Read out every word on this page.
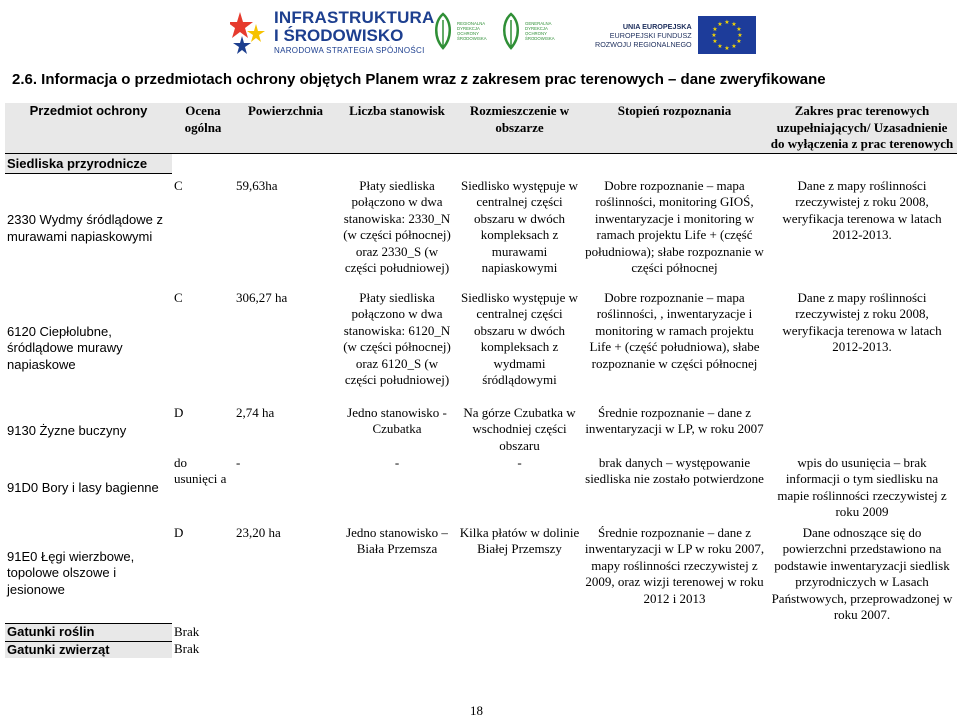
INFRASTRUKTURA
I ŚRODOWISKO
NARODOWA STRATEGIA SPÓJNOŚCI
REGIONALNA DYREKCJA OCHRONY ŚRODOWISKA
GENERALNA DYREKCJA OCHRONY ŚRODOWISKA
UNIA EUROPEJSKA
EUROPEJSKI FUNDUSZ
ROZWOJU REGIONALNEGO
★ ★
★
★
★
★
★
★
★
★
★
★
2.6. Informacja o przedmiotach ochrony objętych Planem wraz z zakresem prac terenowych – dane zweryfikowane
Przedmiot ochrony	Ocena ogólna	Powierzchnia	Liczba stanowisk	Rozmieszczenie w obszarze	Stopień rozpoznania	Zakres prac terenowych uzupełniających/ Uzasadnienie do wyłączenia z prac terenowych
Siedliska przyrodnicze						
2330 Wydmy śródlądowe z murawami napiaskowymi	C	59,63ha	Płaty siedliska połączono w dwa stanowiska: 2330_N (w części północnej) oraz 2330_S (w części południowej)	Siedlisko występuje w centralnej części obszaru w dwóch kompleksach z murawami napiaskowymi	Dobre rozpoznanie – mapa roślinności, monitoring GIOŚ, inwentaryzacje i monitoring w ramach projektu Life + (część południowa); słabe rozpoznanie w części północnej	Dane z mapy roślinności rzeczywistej z roku 2008, weryfikacja terenowa w latach 2012-2013.
6120 Ciepłolubne, śródlądowe murawy napiaskowe	C	306,27 ha	Płaty siedliska połączono w dwa stanowiska: 6120_N (w części północnej) oraz 6120_S (w części południowej)	Siedlisko występuje w centralnej części obszaru w dwóch kompleksach z wydmami śródlądowymi	Dobre rozpoznanie – mapa roślinności, , inwentaryzacje i monitoring w ramach projektu Life + (część południowa), słabe rozpoznanie w części północnej	Dane z mapy roślinności rzeczywistej z roku 2008, weryfikacja terenowa w latach 2012-2013.
9130 Żyzne buczyny	D	2,74 ha	Jedno stanowisko - Czubatka	Na górze Czubatka w wschodniej części obszaru	Średnie rozpoznanie – dane z inwentaryzacji w LP, w roku 2007	
91D0 Bory i lasy bagienne	do usunięci a	-	-	-	brak danych – występowanie siedliska nie zostało potwierdzone	wpis do usunięcia – brak informacji o tym siedlisku na mapie roślinności rzeczywistej z roku 2009
91E0 Łęgi wierzbowe, topolowe olszowe i jesionowe	D	23,20 ha	Jedno stanowisko – Biała Przemsza	Kilka płatów w dolinie Białej Przemszy	Średnie rozpoznanie – dane z inwentaryzacji w LP w roku 2007, mapy roślinności rzeczywistej z 2009, oraz wizji terenowej w roku 2012 i 2013	Dane odnoszące się do powierzchni przedstawiono na podstawie inwentaryzacji siedlisk przyrodniczych w Lasach Państwowych, przeprowadzonej w roku 2007.
Gatunki roślin	Brak					
Gatunki zwierząt	Brak					
18
